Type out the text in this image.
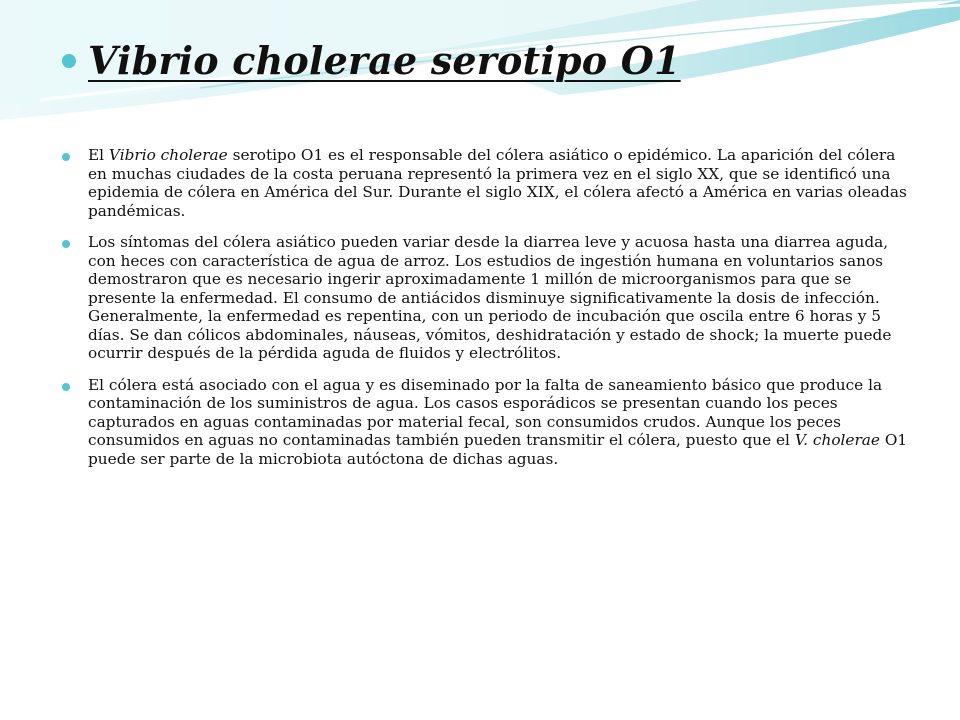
Vibrio cholerae serotipo O1
El Vibrio cholerae serotipo O1 es el responsable del cólera asiático o epidémico. La aparición del cólera en muchas ciudades de la costa peruana representó la primera vez en el siglo XX, que se identificó una epidemia de cólera en América del Sur. Durante el siglo XIX, el cólera afectó a América en varias oleadas pandémicas.
Los síntomas del cólera asiático pueden variar desde la diarrea leve y acuosa hasta una diarrea aguda, con heces con característica de agua de arroz. Los estudios de ingestión humana en voluntarios sanos demostraron que es necesario ingerir aproximadamente 1 millón de microorganismos para que se presente la enfermedad. El consumo de antiácidos disminuye significativamente la dosis de infección. Generalmente, la enfermedad es repentina, con un periodo de incubación que oscila entre 6 horas y 5 días. Se dan cólicos abdominales, náuseas, vómitos, deshidratación y estado de shock; la muerte puede ocurrir después de la pérdida aguda de fluidos y electrólitos.
El cólera está asociado con el agua y es diseminado por la falta de saneamiento básico que produce la contaminación de los suministros de agua. Los casos esporádicos se presentan cuando los peces capturados en aguas contaminadas por material fecal, son consumidos crudos. Aunque los peces consumidos en aguas no contaminadas también pueden transmitir el cólera, puesto que el V. cholerae O1 puede ser parte de la microbiota autóctona de dichas aguas.
